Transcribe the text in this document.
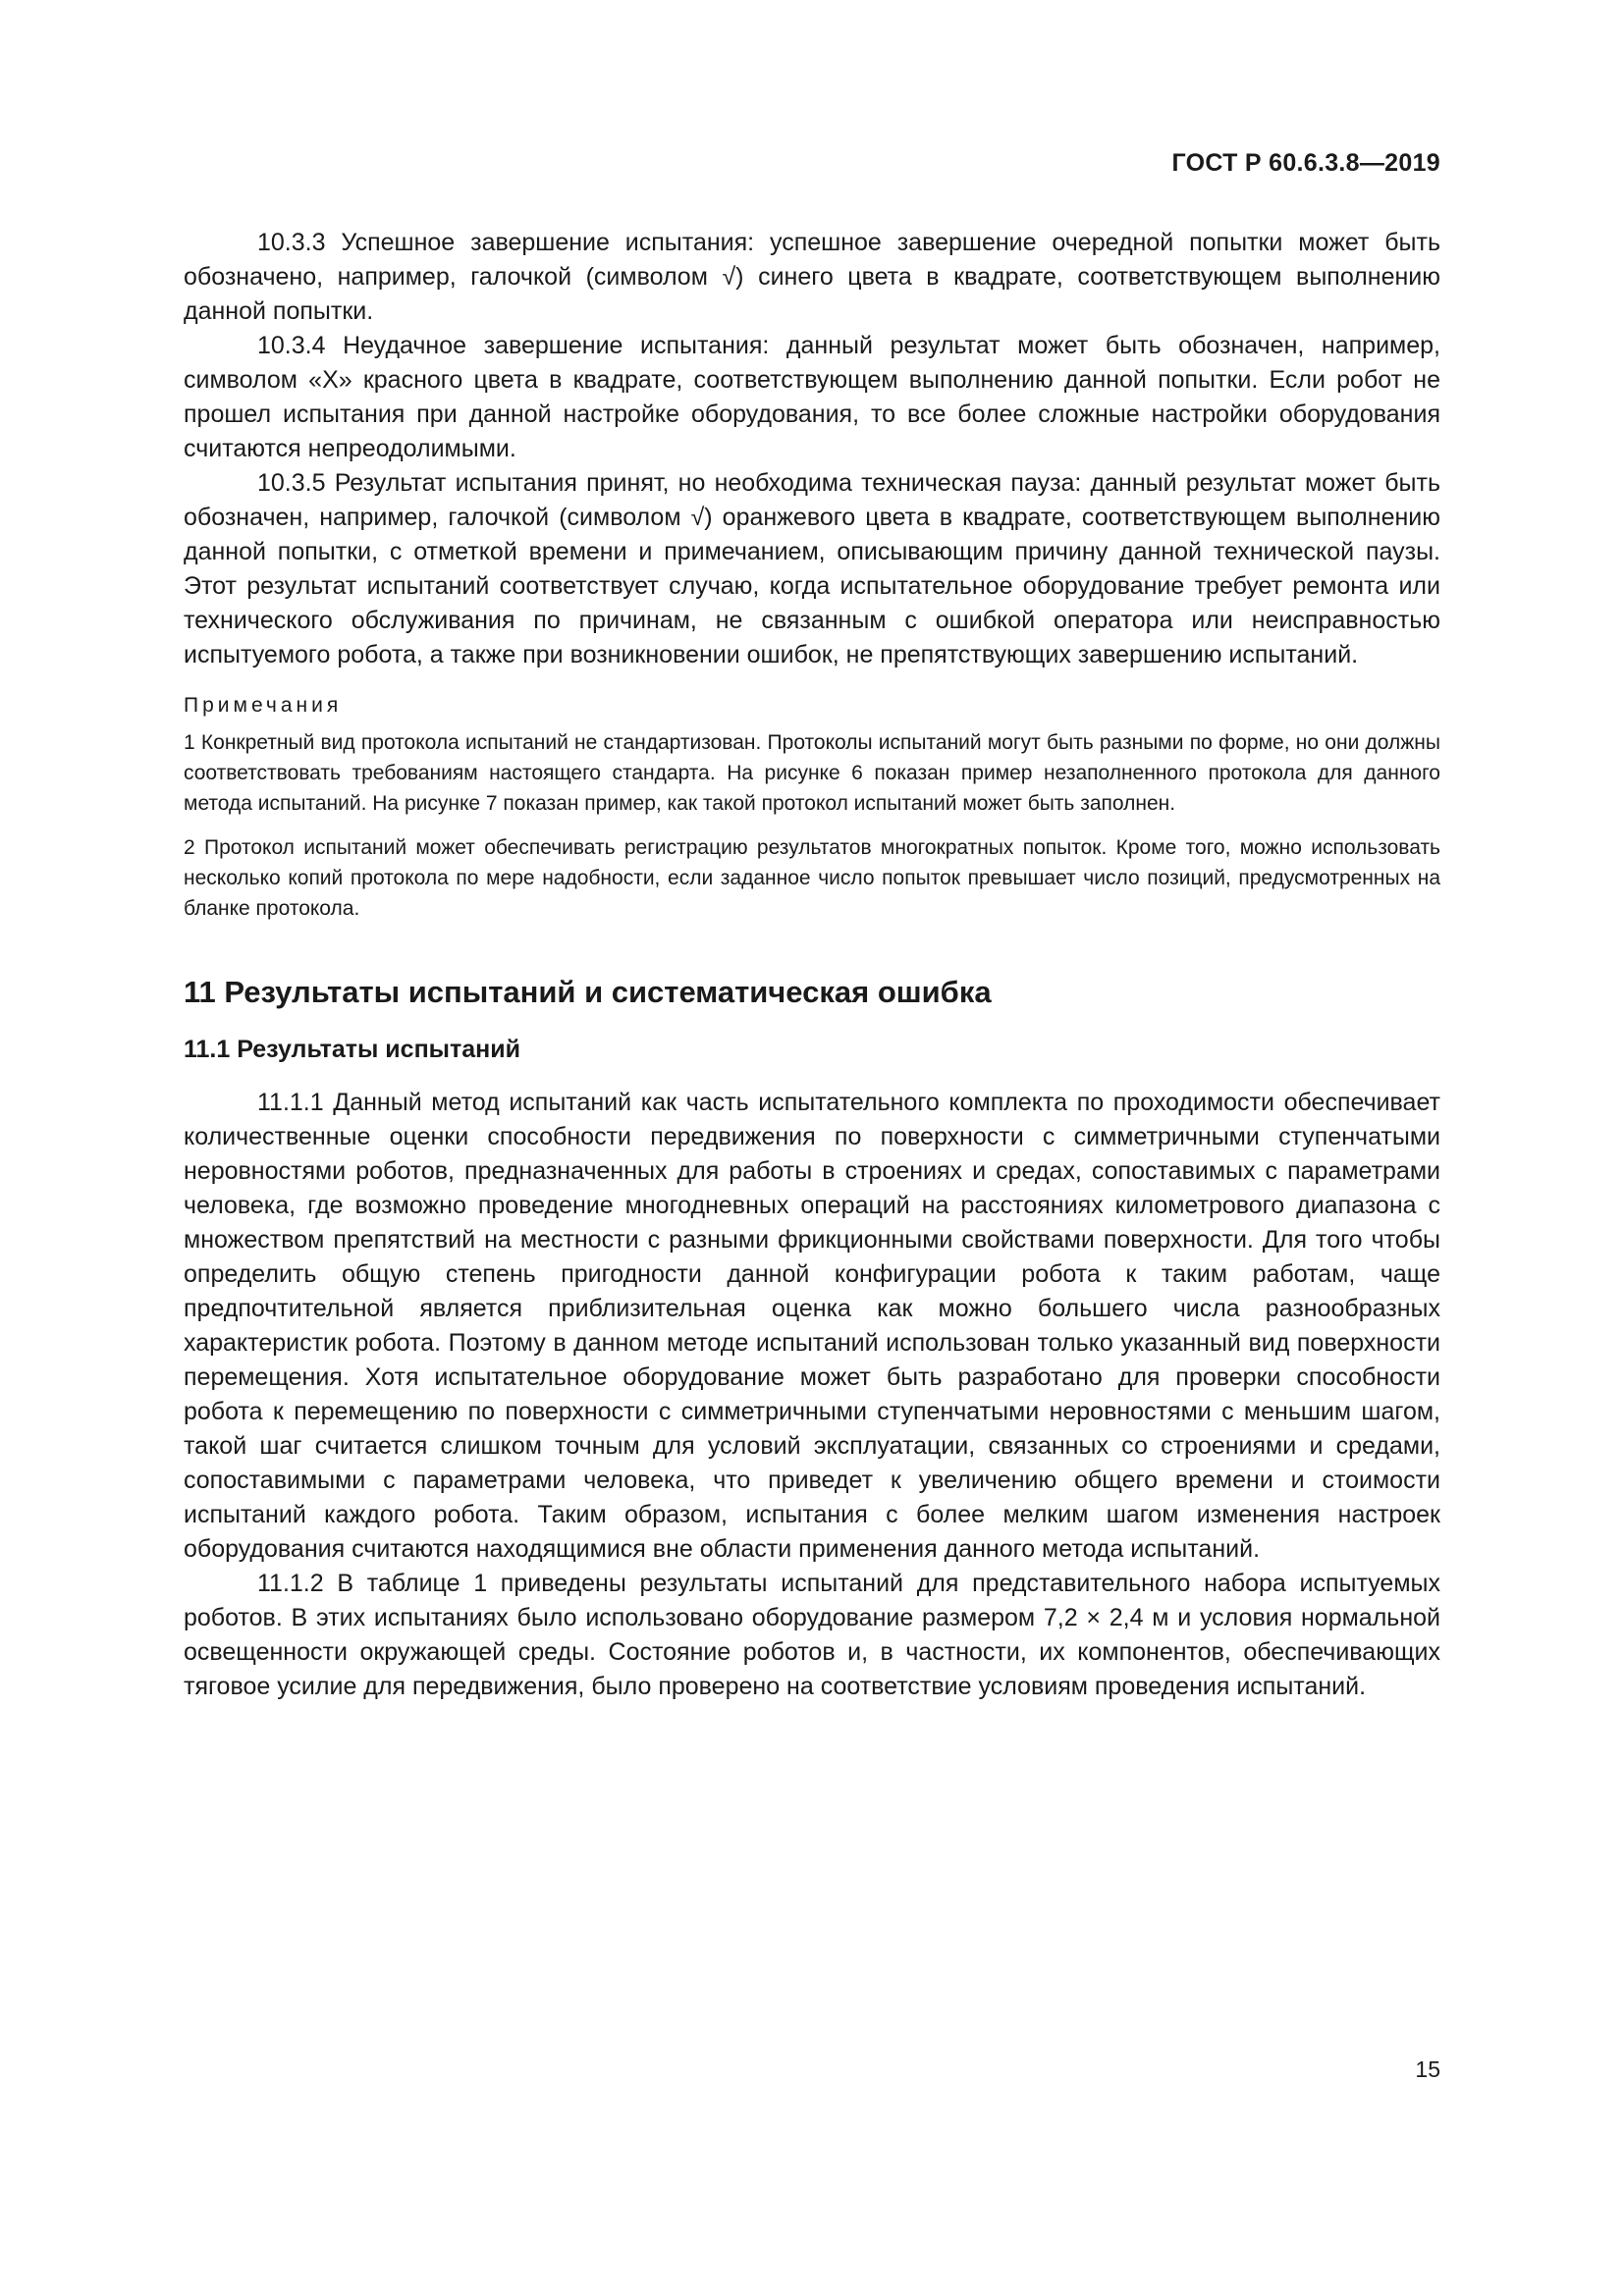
ГОСТ Р 60.6.3.8—2019

10.3.3 Успешное завершение испытания: успешное завершение очередной попытки может быть обозначено, например, галочкой (символом √) синего цвета в квадрате, соответствующем выполнению данной попытки.

10.3.4 Неудачное завершение испытания: данный результат может быть обозначен, например, символом «X» красного цвета в квадрате, соответствующем выполнению данной попытки. Если робот не прошел испытания при данной настройке оборудования, то все более сложные настройки оборудования считаются непреодолимыми.

10.3.5 Результат испытания принят, но необходима техническая пауза: данный результат может быть обозначен, например, галочкой (символом √) оранжевого цвета в квадрате, соответствующем выполнению данной попытки, с отметкой времени и примечанием, описывающим причину данной технической паузы. Этот результат испытаний соответствует случаю, когда испытательное оборудование требует ремонта или технического обслуживания по причинам, не связанным с ошибкой оператора или неисправностью испытуемого робота, а также при возникновении ошибок, не препятствующих завершению испытаний.

Примечания

1 Конкретный вид протокола испытаний не стандартизован. Протоколы испытаний могут быть разными по форме, но они должны соответствовать требованиям настоящего стандарта. На рисунке 6 показан пример незаполненного протокола для данного метода испытаний. На рисунке 7 показан пример, как такой протокол испытаний может быть заполнен.

2 Протокол испытаний может обеспечивать регистрацию результатов многократных попыток. Кроме того, можно использовать несколько копий протокола по мере надобности, если заданное число попыток превышает число позиций, предусмотренных на бланке протокола.

11 Результаты испытаний и систематическая ошибка
11.1 Результаты испытаний

11.1.1 Данный метод испытаний как часть испытательного комплекта по проходимости обеспечивает количественные оценки способности передвижения по поверхности с симметричными ступенчатыми неровностями роботов, предназначенных для работы в строениях и средах, сопоставимых с параметрами человека, где возможно проведение многодневных операций на расстояниях километрового диапазона с множеством препятствий на местности с разными фрикционными свойствами поверхности. Для того чтобы определить общую степень пригодности данной конфигурации робота к таким работам, чаще предпочтительной является приблизительная оценка как можно большего числа разнообразных характеристик робота. Поэтому в данном методе испытаний использован только указанный вид поверхности перемещения. Хотя испытательное оборудование может быть разработано для проверки способности робота к перемещению по поверхности с симметричными ступенчатыми неровностями с меньшим шагом, такой шаг считается слишком точным для условий эксплуатации, связанных со строениями и средами, сопоставимыми с параметрами человека, что приведет к увеличению общего времени и стоимости испытаний каждого робота. Таким образом, испытания с более мелким шагом изменения настроек оборудования считаются находящимися вне области применения данного метода испытаний.

11.1.2 В таблице 1 приведены результаты испытаний для представительного набора испытуемых роботов. В этих испытаниях было использовано оборудование размером 7,2 × 2,4 м и условия нормальной освещенности окружающей среды. Состояние роботов и, в частности, их компонентов, обеспечивающих тяговое усилие для передвижения, было проверено на соответствие условиям проведения испытаний.

15
